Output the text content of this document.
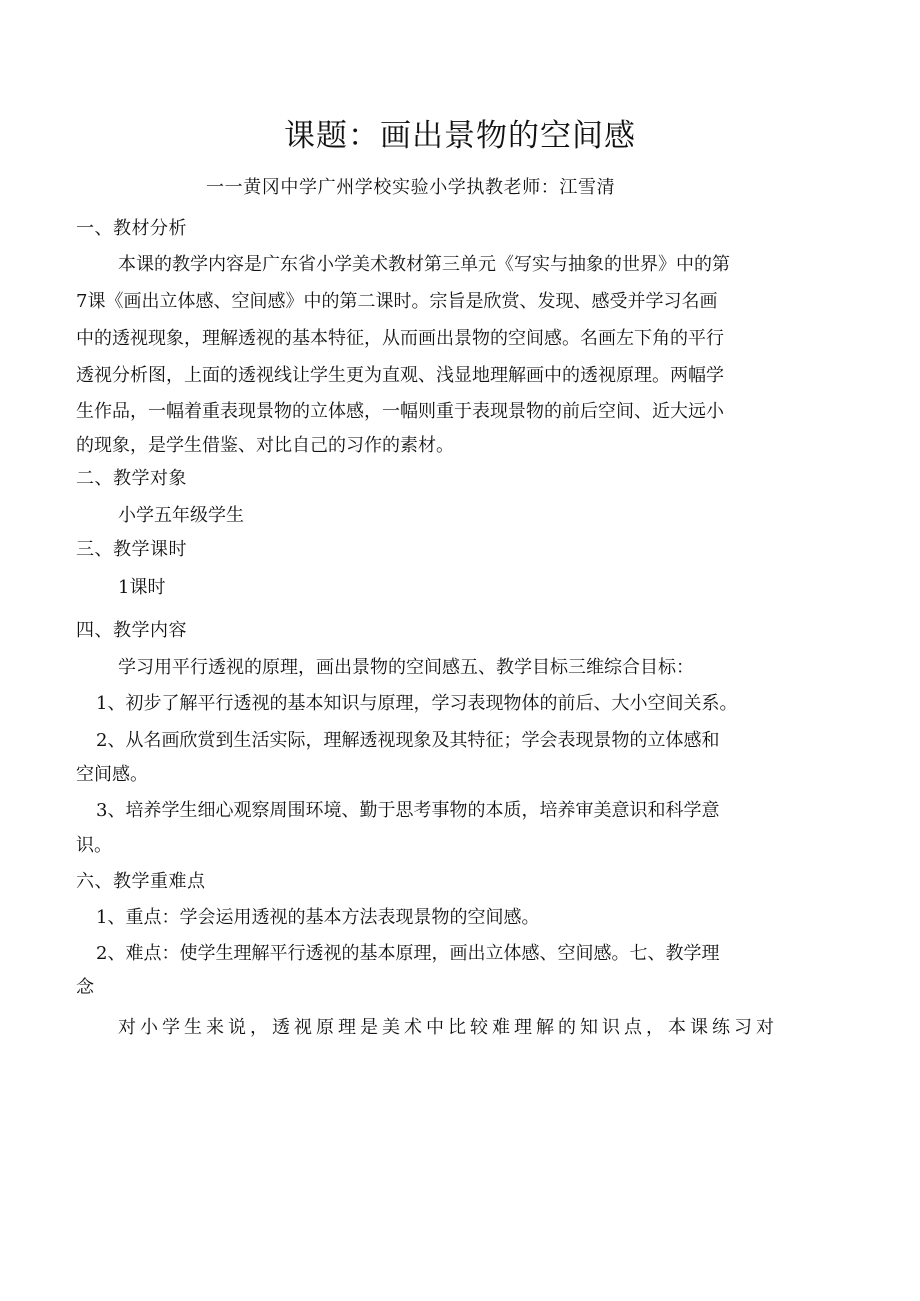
课题：画出景物的空间感
一一黄冈中学广州学校实验小学执教老师：江雪清
一、教材分析
本课的教学内容是广东省小学美术教材第三单元《写实与抽象的世界》中的第
7课《画出立体感、空间感》中的第二课时。宗旨是欣赏、发现、感受并学习名画
中的透视现象，理解透视的基本特征，从而画出景物的空间感。名画左下角的平行
透视分析图，上面的透视线让学生更为直观、浅显地理解画中的透视原理。两幅学
生作品，一幅着重表现景物的立体感，一幅则重于表现景物的前后空间、近大远小
的现象，是学生借鉴、对比自己的习作的素材。
二、教学对象
小学五年级学生
三、教学课时
1课时
四、教学内容
学习用平行透视的原理，画出景物的空间感五、教学目标三维综合目标：
1、初步了解平行透视的基本知识与原理，学习表现物体的前后、大小空间关系。
2、从名画欣赏到生活实际，理解透视现象及其特征；学会表现景物的立体感和
空间感。
3、培养学生细心观察周围环境、勤于思考事物的本质，培养审美意识和科学意
识。
六、教学重难点
1、重点：学会运用透视的基本方法表现景物的空间感。
2、难点：使学生理解平行透视的基本原理，画出立体感、空间感。七、教学理
念
对小学生来说，透视原理是美术中比较难理解的知识点，本课练习对
